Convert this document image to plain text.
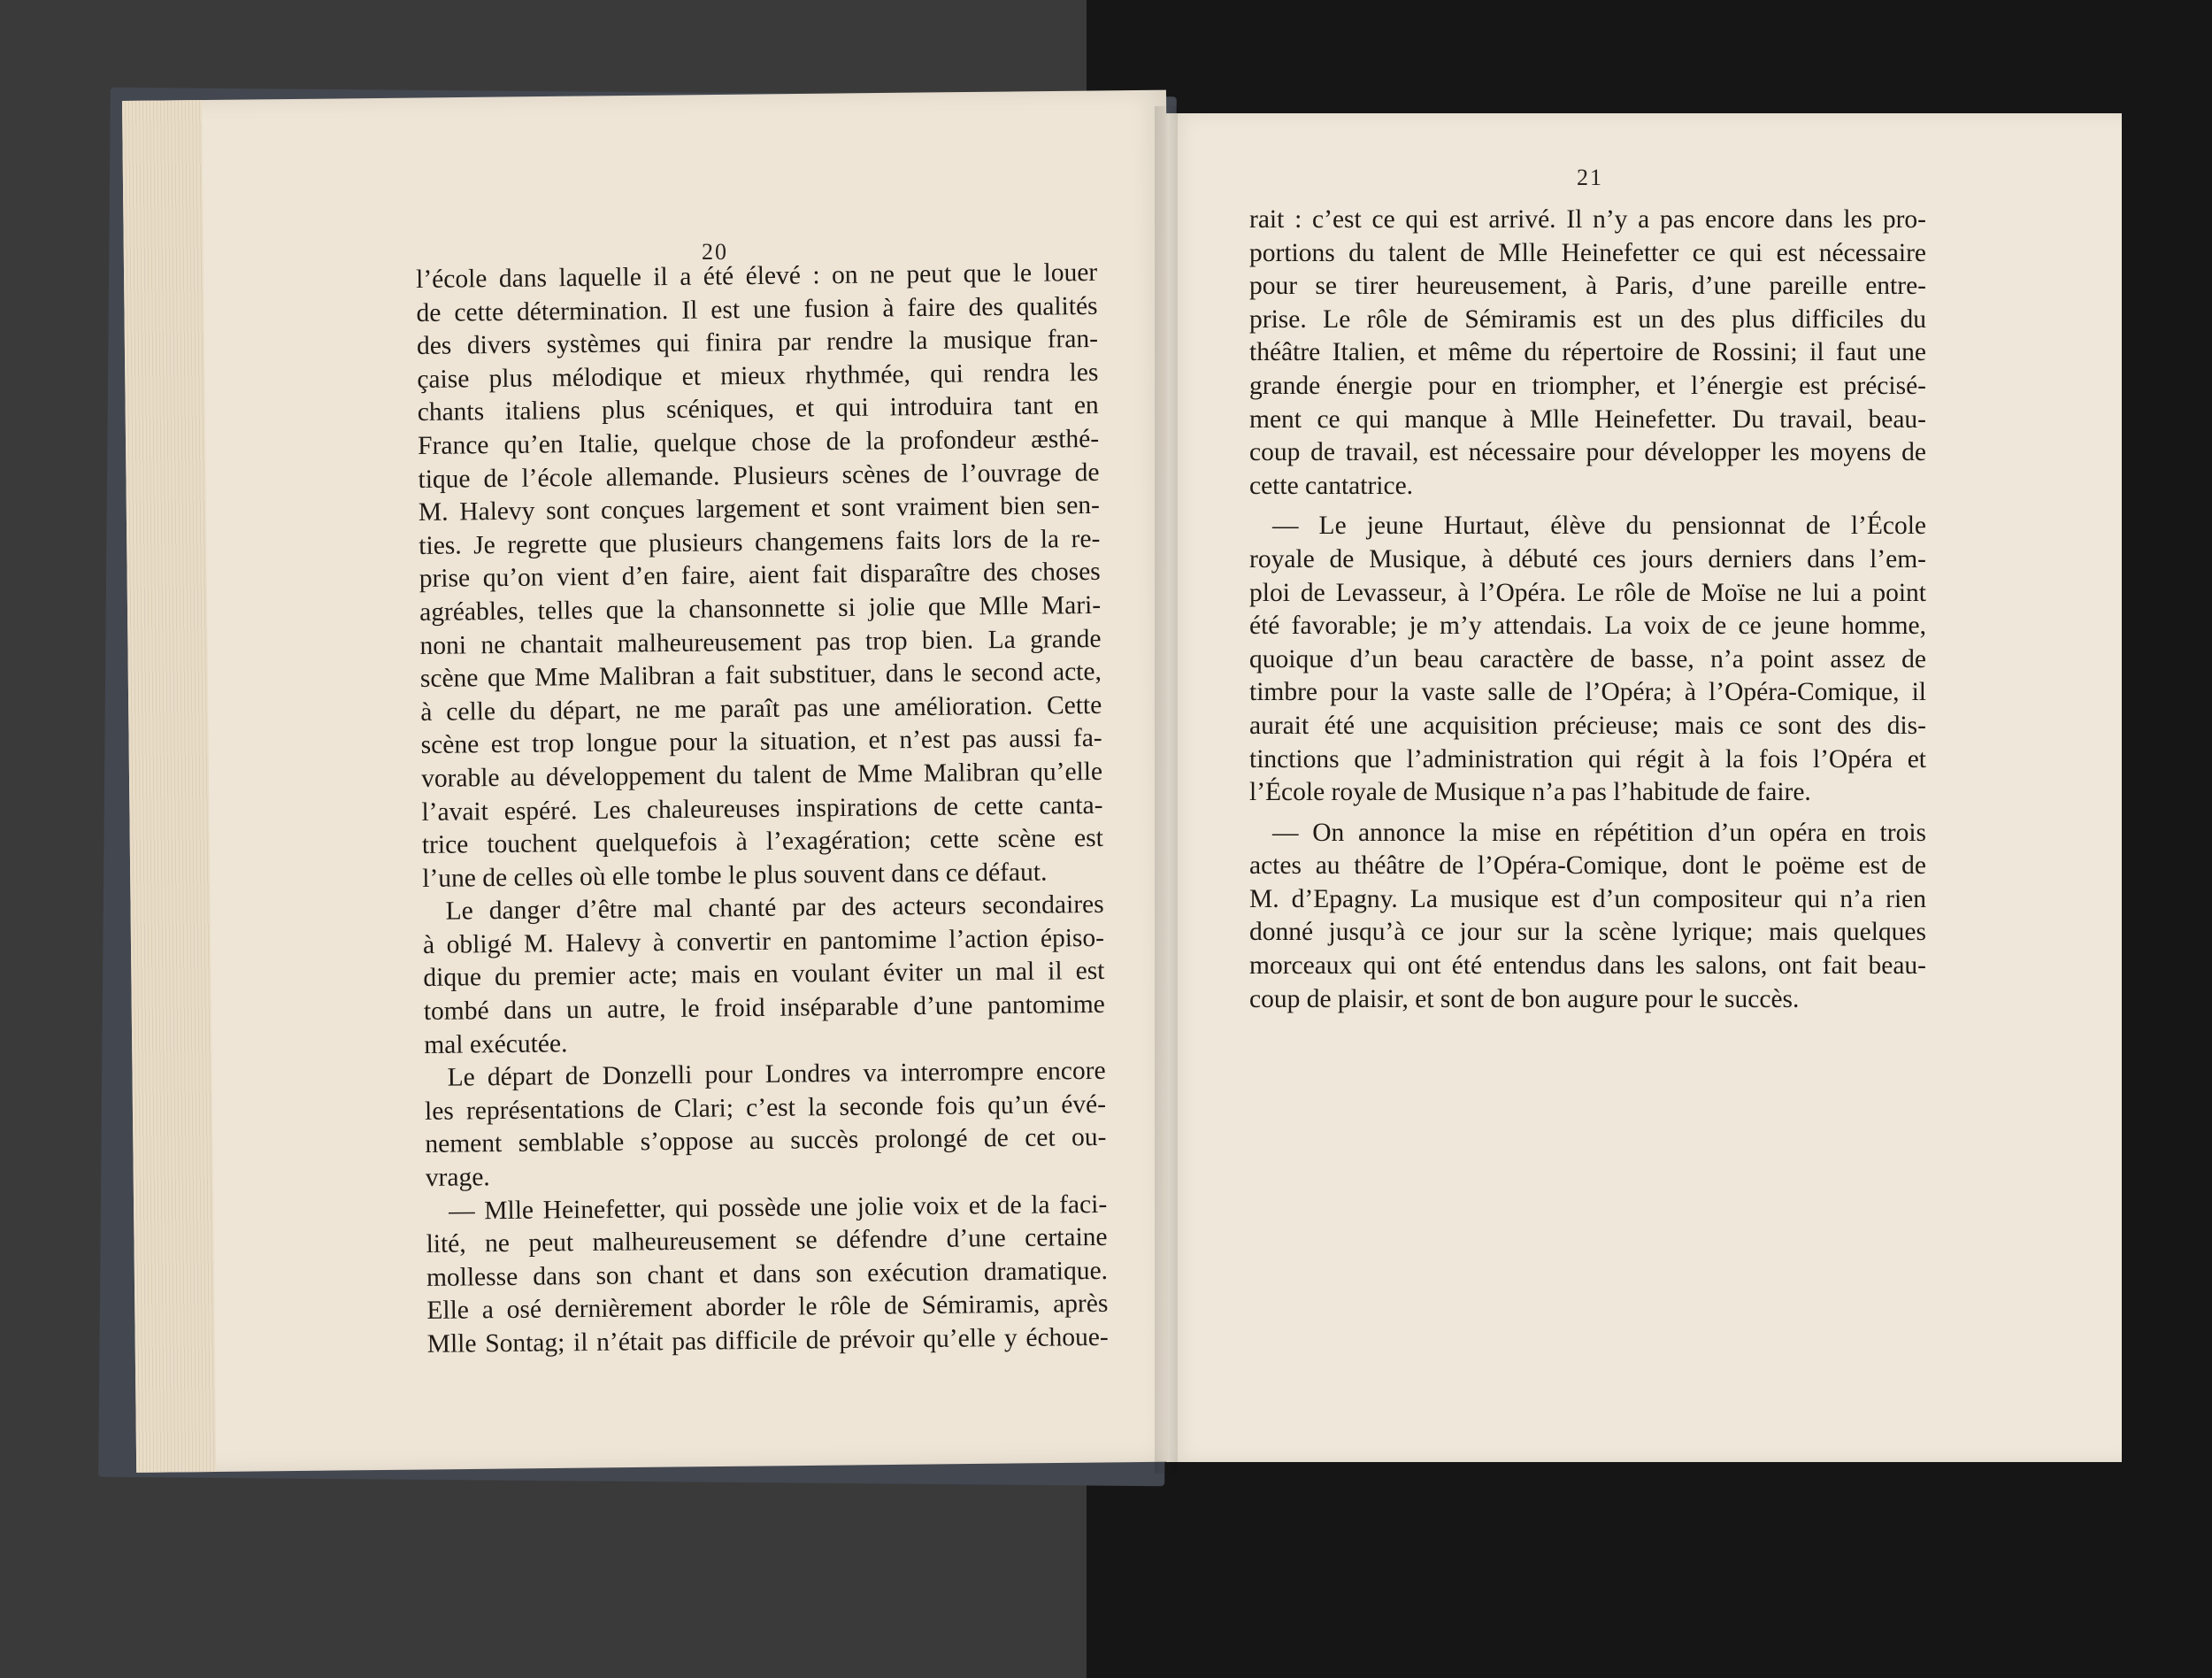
20
21
l’école dans laquelle il a été élevé : on ne peut que le louer
de cette détermination. Il est une fusion à faire des qualités
des divers systèmes qui finira par rendre la musique fran-
çaise plus mélodique et mieux rhythmée, qui rendra les
chants italiens plus scéniques, et qui introduira tant en
France qu’en Italie, quelque chose de la profondeur æsthé-
tique de l’école allemande. Plusieurs scènes de l’ouvrage de
M. Halevy sont conçues largement et sont vraiment bien sen-
ties. Je regrette que plusieurs changemens faits lors de la re-
prise qu’on vient d’en faire, aient fait disparaître des choses
agréables, telles que la chansonnette si jolie que Mlle Mari-
noni ne chantait malheureusement pas trop bien. La grande
scène que Mme Malibran a fait substituer, dans le second acte,
à celle du départ, ne me paraît pas une amélioration. Cette
scène est trop longue pour la situation, et n’est pas aussi fa-
vorable au développement du talent de Mme Malibran qu’elle
l’avait espéré. Les chaleureuses inspirations de cette canta-
trice touchent quelquefois à l’exagération; cette scène est
l’une de celles où elle tombe le plus souvent dans ce défaut.
Le danger d’être mal chanté par des acteurs secondaires
à obligé M. Halevy à convertir en pantomime l’action épiso-
dique du premier acte; mais en voulant éviter un mal il est
tombé dans un autre, le froid inséparable d’une pantomime
mal exécutée.
Le départ de Donzelli pour Londres va interrompre encore
les représentations de Clari; c’est la seconde fois qu’un évé-
nement semblable s’oppose au succès prolongé de cet ou-
vrage.
— Mlle Heinefetter, qui possède une jolie voix et de la faci-
lité, ne peut malheureusement se défendre d’une certaine
mollesse dans son chant et dans son exécution dramatique.
Elle a osé dernièrement aborder le rôle de Sémiramis, après
Mlle Sontag; il n’était pas difficile de prévoir qu’elle y échoue-
rait : c’est ce qui est arrivé. Il n’y a pas encore dans les pro-
portions du talent de Mlle Heinefetter ce qui est nécessaire
pour se tirer heureusement, à Paris, d’une pareille entre-
prise. Le rôle de Sémiramis est un des plus difficiles du
théâtre Italien, et même du répertoire de Rossini; il faut une
grande énergie pour en triompher, et l’énergie est précisé-
ment ce qui manque à Mlle Heinefetter. Du travail, beau-
coup de travail, est nécessaire pour développer les moyens de
cette cantatrice.
— Le jeune Hurtaut, élève du pensionnat de l’École
royale de Musique, à débuté ces jours derniers dans l’em-
ploi de Levasseur, à l’Opéra. Le rôle de Moïse ne lui a point
été favorable; je m’y attendais. La voix de ce jeune homme,
quoique d’un beau caractère de basse, n’a point assez de
timbre pour la vaste salle de l’Opéra; à l’Opéra-Comique, il
aurait été une acquisition précieuse; mais ce sont des dis-
tinctions que l’administration qui régit à la fois l’Opéra et
l’École royale de Musique n’a pas l’habitude de faire.
— On annonce la mise en répétition d’un opéra en trois
actes au théâtre de l’Opéra-Comique, dont le poëme est de
M. d’Epagny. La musique est d’un compositeur qui n’a rien
donné jusqu’à ce jour sur la scène lyrique; mais quelques
morceaux qui ont été entendus dans les salons, ont fait beau-
coup de plaisir, et sont de bon augure pour le succès.
